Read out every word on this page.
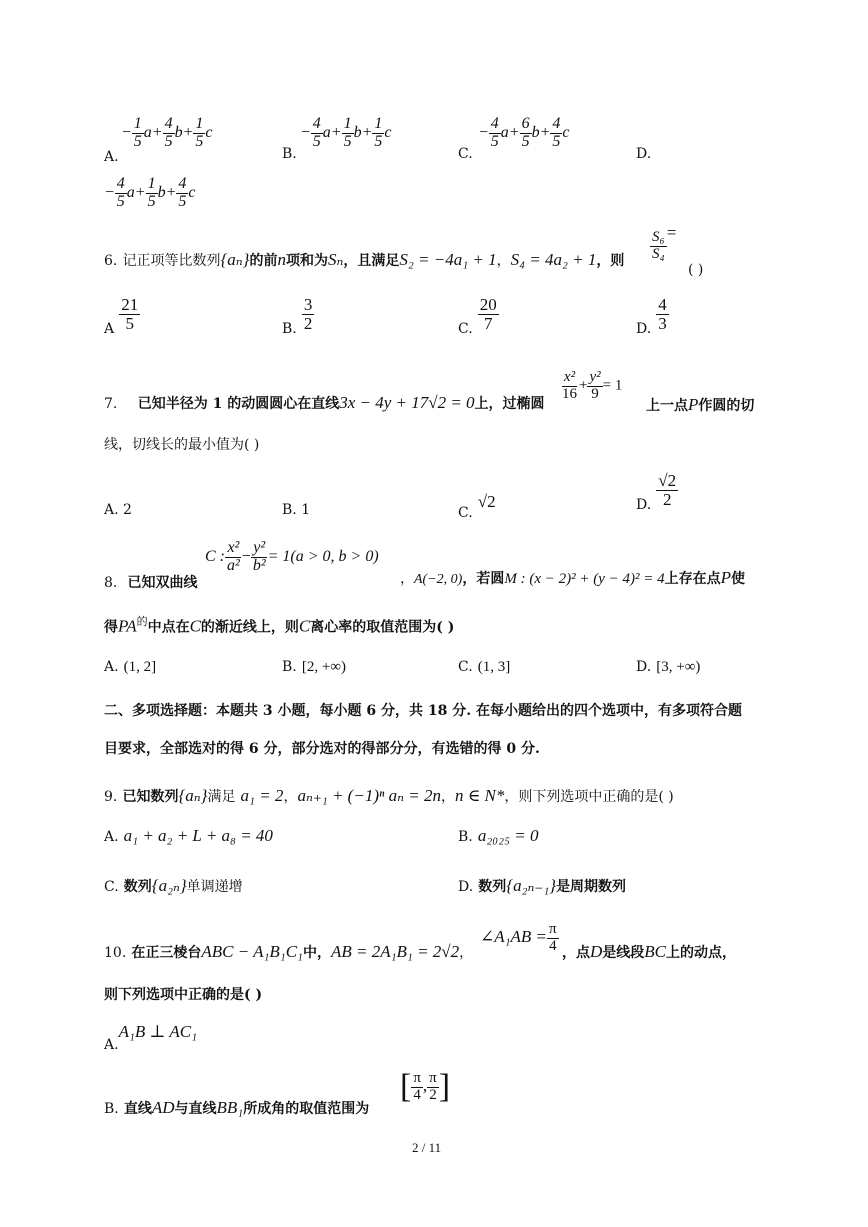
A.
− $\frac{1}{5} a+ \frac{4}{5} b+ \frac{1}{5}$ c
B.
− $\frac{4}{5} a+ \frac{1}{5} b+ \frac{1}{5}$ c
C.
− $\frac{4}{5} a+ \frac{6}{5} b+ \frac{4}{5}$ c
D.
− $\frac{4}{5} a+ \frac{1}{5} b+ \frac{4}{5}$ c
6. 记正项等比数列{aₙ}的前n项和为Sₙ，且满足S₂ = −4a₁ + 1，S₄ = 4a₂ + 1，则 $\frac{\text{S₆}}{\text{S₄}}$ =
( )
A $\frac{21}{5}$	B. $\frac{3}{2}$	C. $\frac{20}{7}$	D. $\frac{4}{3}$
7. 已知半径为 1 的动圆圆心在直线3x − 4y + 17√2 = 0上，过椭圆
$\frac{\text{x²}}{16} + \frac{\text{y²}}{9} = 1$
上一点P作圆的切
线，切线长的最小值为( )
A. 2	B. 1	C. √2	D. $\frac{√2}{2}$
8. 已知双曲线
C : $\frac{\text{x²}}{\text{a²}} - \frac{\text{y²}}{\text{b²}} = 1(a > 0$, b > 0)
，A(−2, 0)，若圆M : (x − 2)² + (y − 4)² = 4上存在点P使
得$PA^的$中点在C的渐近线上，则C离心率的取值范围为( )
A. (1, 2]	B. [2, +∞)	C. (1, 3]	D. [3, +∞)
二、多项选择题：本题共 3 小题，每小题 6 分，共 18 分. 在每小题给出的四个选项中，有多项符合题
目要求，全部选对的得 6 分，部分选对的得部分分，有选错的得 0 分.
9. 已知数列{aₙ}满足 a₁ = 2，aₙ₊₁ + (−1)ⁿ aₙ = 2n，n ∈ N*，则下列选项中正确的是( )
A. a₁ + a₂ + L + a₈ = 40	B. a₂₀₂₅ = 0
C. 数列{a₂ₙ}单调递增	D. 数列{a₂ₙ₋₁}是周期数列
10. 在正三棱台ABC − A₁B₁C₁中，AB = 2A₁B₁ = 2√2，
∠A₁AB = $\frac{\pi}{4}$ ，点D是线段BC上的动点，
则下列选项中正确的是( )
A.A₁B ⊥ AC₁
B. 直线AD与直线BB₁所成角的取值范围为
[ $\frac{\pi}{4}$ , $\frac{\pi}{2}$ ]
2 / 11
